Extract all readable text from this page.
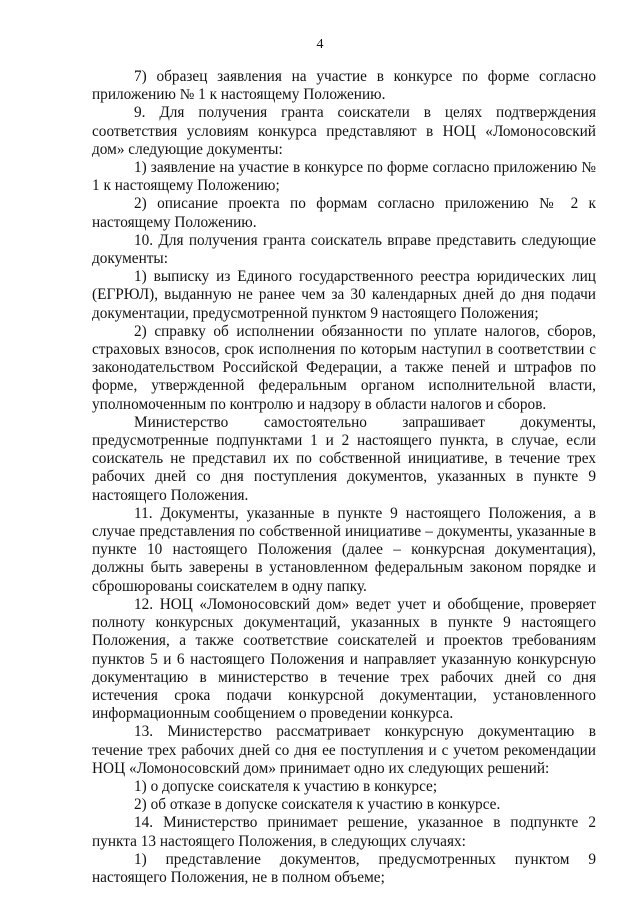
4

7) образец заявления на участие в конкурсе по форме согласно приложению № 1 к настоящему Положению.

9. Для получения гранта соискатели в целях подтверждения соответствия условиям конкурса представляют в НОЦ «Ломоносовский дом» следующие документы:

1) заявление на участие в конкурсе по форме согласно приложению № 1 к настоящему Положению;

2) описание проекта по формам согласно приложению № 2 к настоящему Положению.

10. Для получения гранта соискатель вправе представить следующие документы:

1) выписку из Единого государственного реестра юридических лиц (ЕГРЮЛ), выданную не ранее чем за 30 календарных дней до дня подачи документации, предусмотренной пунктом 9 настоящего Положения;

2) справку об исполнении обязанности по уплате налогов, сборов, страховых взносов, срок исполнения по которым наступил в соответствии с законодательством Российской Федерации, а также пеней и штрафов по форме, утвержденной федеральным органом исполнительной власти, уполномоченным по контролю и надзору в области налогов и сборов.

Министерство самостоятельно запрашивает документы, предусмотренные подпунктами 1 и 2 настоящего пункта, в случае, если соискатель не представил их по собственной инициативе, в течение трех рабочих дней со дня поступления документов, указанных в пункте 9 настоящего Положения.

11. Документы, указанные в пункте 9 настоящего Положения, а в случае представления по собственной инициативе – документы, указанные в пункте 10 настоящего Положения (далее – конкурсная документация), должны быть заверены в установленном федеральным законом порядке и сброшюрованы соискателем в одну папку.

12. НОЦ «Ломоносовский дом» ведет учет и обобщение, проверяет полноту конкурсных документаций, указанных в пункте 9 настоящего Положения, а также соответствие соискателей и проектов требованиям пунктов 5 и 6 настоящего Положения и направляет указанную конкурсную документацию в министерство в течение трех рабочих дней со дня истечения срока подачи конкурсной документации, установленного информационным сообщением о проведении конкурса.

13. Министерство рассматривает конкурсную документацию в течение трех рабочих дней со дня ее поступления и с учетом рекомендации НОЦ «Ломоносовский дом» принимает одно их следующих решений:

1) о допуске соискателя к участию в конкурсе;

2) об отказе в допуске соискателя к участию в конкурсе.

14. Министерство принимает решение, указанное в подпункте 2 пункта 13 настоящего Положения, в следующих случаях:

1) представление документов, предусмотренных пунктом 9 настоящего Положения, не в полном объеме;
